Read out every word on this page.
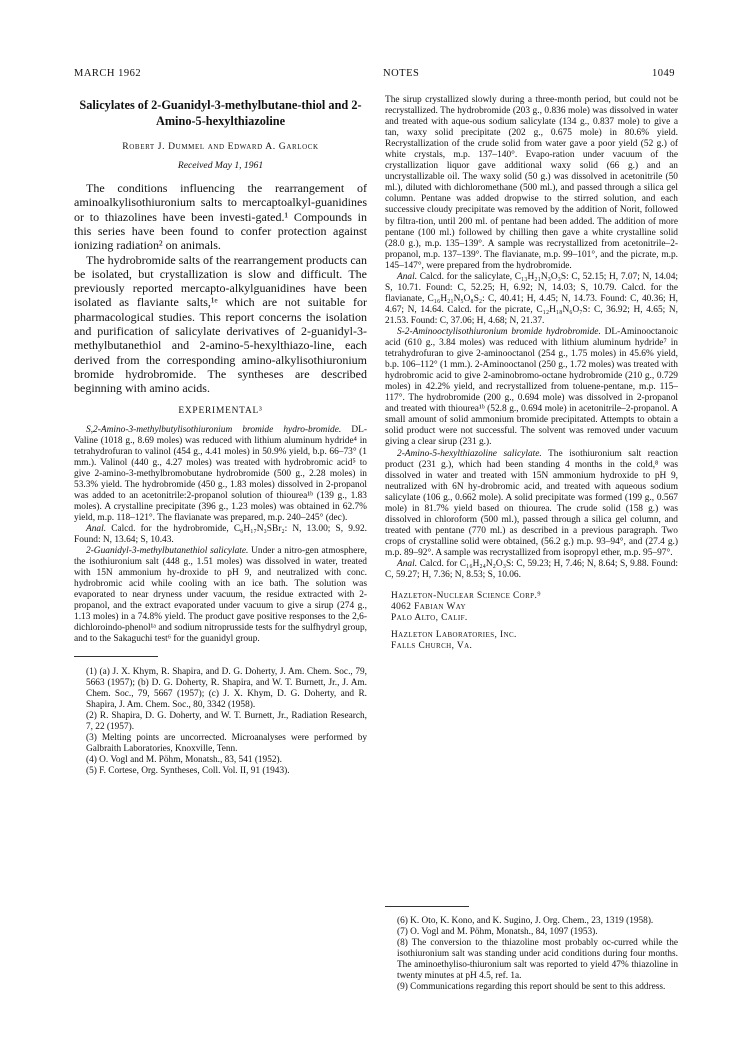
MARCH 1962	NOTES	1049
Salicylates of 2-Guanidyl-3-methylbutane-thiol and 2-Amino-5-hexylthiazoline
Robert J. Dummel and Edward A. Garlock
Received May 1, 1961

The conditions influencing the rearrangement of aminoalkylisothiuronium salts to mercaptoalkyl-guanidines or to thiazolines have been investi-gated.¹ Compounds in this series have been found to confer protection against ionizing radiation² on animals.

The hydrobromide salts of the rearrangement products can be isolated, but crystallization is slow and difficult. The previously reported mercapto-alkylguanidines have been isolated as flaviante salts,¹ᵉ which are not suitable for pharmacological studies. This report concerns the isolation and purification of salicylate derivatives of 2-guanidyl-3-methylbutanethiol and 2-amino-5-hexylthiazo-line, each derived from the corresponding amino-alkylisothiuronium bromide hydrobromide. The syntheses are described beginning with amino acids.

EXPERIMENTAL³

S,2-Amino-3-methylbutylisothiuronium bromide hydro-bromide. DL-Valine (1018 g., 8.69 moles) was reduced with lithium aluminum hydride⁴ in tetrahydrofuran to valinol (454 g., 4.41 moles) in 50.9% yield, b.p. 66–73° (1 mm.). Valinol (440 g., 4.27 moles) was treated with hydrobromic acid⁵ to give 2-amino-3-methylbromobutane hydrobromide (500 g., 2.28 moles) in 53.3% yield. The hydrobromide (450 g., 1.83 moles) dissolved in 2-propanol was added to an acetonitrile:2-propanol solution of thiourea¹ᵇ (139 g., 1.83 moles). A crystalline precipitate (396 g., 1.23 moles) was obtained in 62.7% yield, m.p. 118–121°. The flavianate was prepared, m.p. 240–245° (dec).

Anal. Calcd. for the hydrobromide, C₆H₁₇N₃SBr₂: N, 13.00; S, 9.92. Found: N, 13.64; S, 10.43.

2-Guanidyl-3-methylbutanethiol salicylate. Under a nitro-gen atmosphere, the isothiuronium salt (448 g., 1.51 moles) was dissolved in water, treated with 15N ammonium hy-droxide to pH 9, and neutralized with conc. hydrobromic acid while cooling with an ice bath. The solution was evaporated to near dryness under vacuum, the residue extracted with 2-propanol, and the extract evaporated under vacuum to give a sirup (274 g., 1.13 moles) in a 74.8% yield. The product gave positive responses to the 2,6-dichloroindo-phenol¹ᵃ and sodium nitroprusside tests for the sulfhydryl group, and to the Sakaguchi test⁶ for the guanidyl group.

(1) (a) J. X. Khym, R. Shapira, and D. G. Doherty, J. Am. Chem. Soc., 79, 5663 (1957); (b) D. G. Doherty, R. Shapira, and W. T. Burnett, Jr., J. Am. Chem. Soc., 79, 5667 (1957); (c) J. X. Khym, D. G. Doherty, and R. Shapira, J. Am. Chem. Soc., 80, 3342 (1958).

(2) R. Shapira, D. G. Doherty, and W. T. Burnett, Jr., Radiation Research, 7, 22 (1957).

(3) Melting points are uncorrected. Microanalyses were performed by Galbraith Laboratories, Knoxville, Tenn.

(4) O. Vogl and M. Pöhm, Monatsh., 83, 541 (1952).

(5) F. Cortese, Org. Syntheses, Coll. Vol. II, 91 (1943).

The sirup crystallized slowly during a three-month period, but could not be recrystallized. The hydrobromide (203 g., 0.836 mole) was dissolved in water and treated with aque-ous sodium salicylate (134 g., 0.837 mole) to give a tan, waxy solid precipitate (202 g., 0.675 mole) in 80.6% yield. Recrystallization of the crude solid from water gave a poor yield (52 g.) of white crystals, m.p. 137–140°. Evapo-ration under vacuum of the crystallization liquor gave additional waxy solid (66 g.) and an uncrystallizable oil. The waxy solid (50 g.) was dissolved in acetonitrile (50 ml.), diluted with dichloromethane (500 ml.), and passed through a silica gel column. Pentane was added dropwise to the stirred solution, and each successive cloudy precipitate was removed by the addition of Norit, followed by filtra-tion, until 200 ml. of pentane had been added. The addition of more pentane (100 ml.) followed by chilling then gave a white crystalline solid (28.0 g.), m.p. 135–139°. A sample was recrystallized from acetonitrile–2-propanol, m.p. 137–139°. The flavianate, m.p. 99–101°, and the picrate, m.p. 145–147°, were prepared from the hydrobromide.

Anal. Calcd. for the salicylate, C₁₃H₂₁N₃O₃S: C, 52.15; H, 7.07; N, 14.04; S, 10.71. Found: C, 52.25; H, 6.92; N, 14.03; S, 10.79. Calcd. for the flavianate, C₁₆H₂₁N₅O₈S₂: C, 40.41; H, 4.45; N, 14.73. Found: C, 40.36; H, 4.67; N, 14.64. Calcd. for the picrate, C₁₂H₁₈N₆O₇S: C, 36.92; H, 4.65; N, 21.53. Found: C, 37.06; H, 4.68; N, 21.37.

S-2-Aminooctylisothiuronium bromide hydrobromide. DL-Aminooctanoic acid (610 g., 3.84 moles) was reduced with lithium aluminum hydride⁷ in tetrahydrofuran to give 2-aminooctanol (254 g., 1.75 moles) in 45.6% yield, b.p. 106–112° (1 mm.). 2-Aminooctanol (250 g., 1.72 moles) was treated with hydrobromic acid to give 2-aminobromo-octane hydrobromide (210 g., 0.729 moles) in 42.2% yield, and recrystallized from toluene-pentane, m.p. 115–117°. The hydrobromide (200 g., 0.694 mole) was dissolved in 2-propanol and treated with thiourea¹ᵇ (52.8 g., 0.694 mole) in acetonitrile–2-propanol. A small amount of solid ammonium bromide precipitated. Attempts to obtain a solid product were not successful. The solvent was removed under vacuum giving a clear sirup (231 g.).

2-Amino-5-hexylthiazoline salicylate. The isothiuronium salt reaction product (231 g.), which had been standing 4 months in the cold,⁸ was dissolved in water and treated with 15N ammonium hydroxide to pH 9, neutralized with 6N hy-drobromic acid, and treated with aqueous sodium salicylate (106 g., 0.662 mole). A solid precipitate was formed (199 g., 0.567 mole) in 81.7% yield based on thiourea. The crude solid (158 g.) was dissolved in chloroform (500 ml.), passed through a silica gel column, and treated with pentane (770 ml.) as described in a previous paragraph. Two crops of crystalline solid were obtained, (56.2 g.) m.p. 93–94°, and (27.4 g.) m.p. 89–92°. A sample was recrystallized from isopropyl ether, m.p. 95–97°.

Anal. Calcd. for C₁₆H₂₄N₂O₃S: C, 59.23; H, 7.46; N, 8.64; S, 9.88. Found: C, 59.27; H, 7.36; N, 8.53; S, 10.06.

Hazleton-Nuclear Science Corp.⁹

4062 Fabian Way

Palo Alto, Calif.

Hazleton Laboratories, Inc.

Falls Church, Va.

(6) K. Oto, K. Kono, and K. Sugino, J. Org. Chem., 23, 1319 (1958).

(7) O. Vogl and M. Pöhm, Monatsh., 84, 1097 (1953).

(8) The conversion to the thiazoline most probably oc-curred while the isothiuronium salt was standing under acid conditions during four months. The aminoethyliso-thiuronium salt was reported to yield 47% thiazoline in twenty minutes at pH 4.5, ref. 1a.

(9) Communications regarding this report should be sent to this address.
